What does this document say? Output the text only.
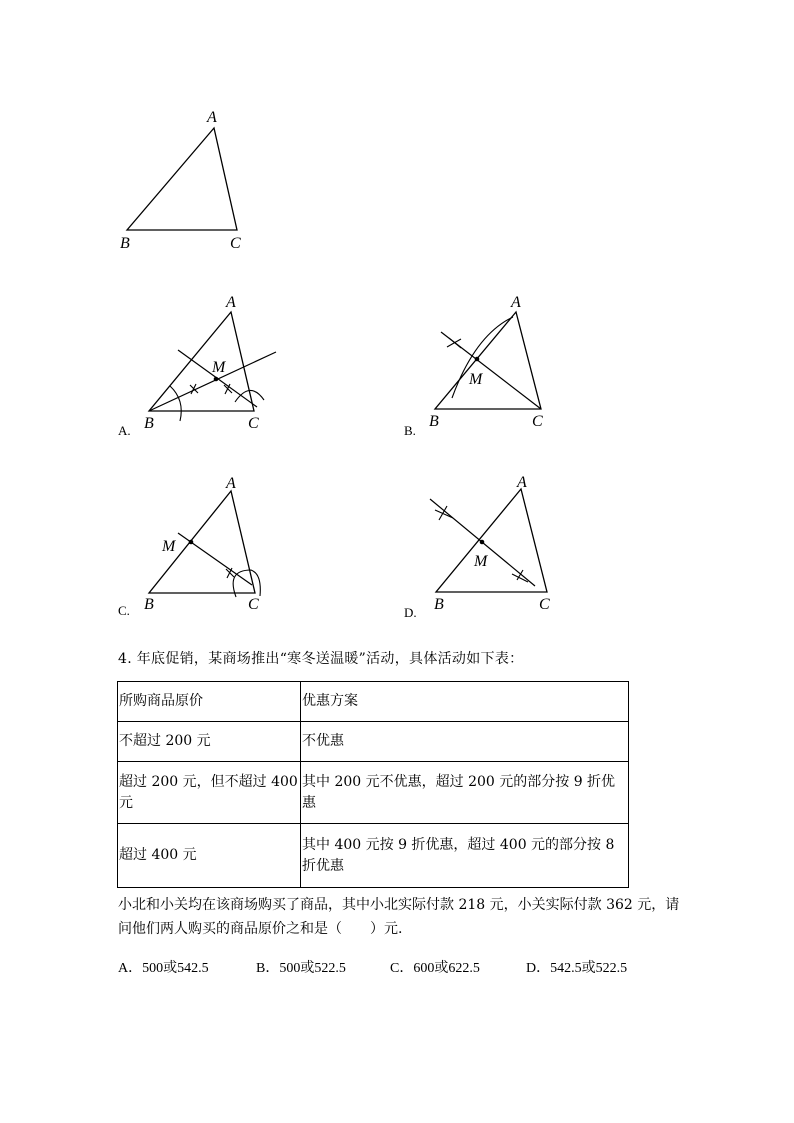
A
B	C
A
M
B	C
A.
A
M
B	C
B.
A
M
B	C
C.
A
M
B	C
D.
4. 年底促销，某商场推出“寒冬送温暖”活动，具体活动如下表：
所购商品原价	优惠方案
不超过 200 元	不优惠
超过 200 元，但不超过 400 元	其中 200 元不优惠，超过 200 元的部分按 9 折优惠
超过 400 元	其中 400 元按 9 折优惠，超过 400 元的部分按 8 折优惠
小北和小关均在该商场购买了商品，其中小北实际付款 218 元，小关实际付款 362 元，请问他们两人购买的商品原价之和是（　　）元.
A．500或542.5	B．500或522.5	C．600或622.5	D．542.5或522.5
